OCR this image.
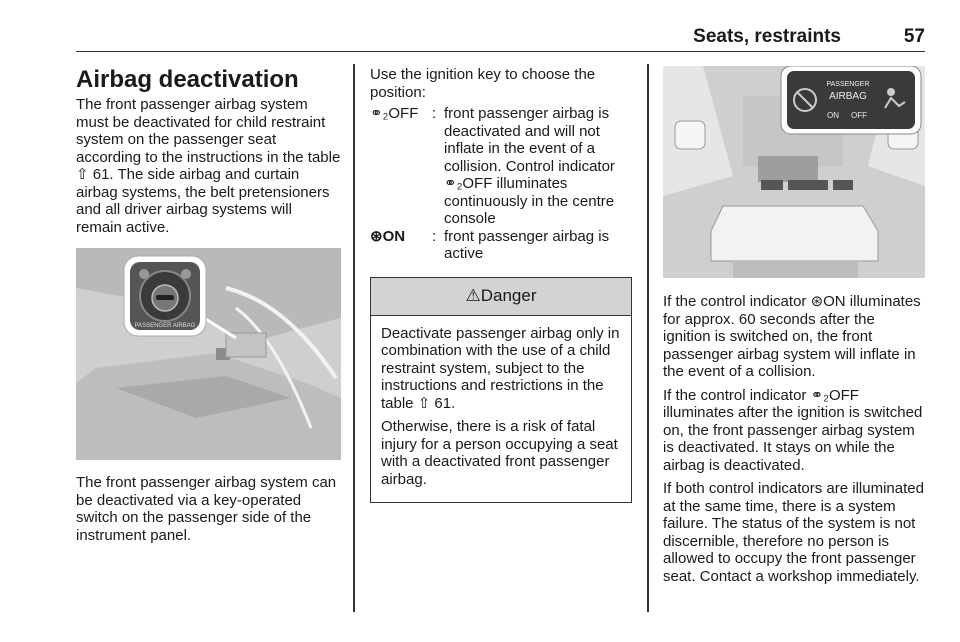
Seats, restraints	57
Airbag deactivation

The front passenger airbag system must be deactivated for child restraint system on the passenger seat according to the instructions in the table ⇧ 61. The side airbag and curtain airbag systems, the belt pretensioners and all driver airbag systems will remain active.

PASSENGER AIRBAG

The front passenger airbag system can be deactivated via a key-operated switch on the passenger side of the instrument panel.

Use the ignition key to choose the position:

⚭₂OFF : front passenger airbag is deactivated and will not inflate in the event of a collision. Control indicator ⚭₂OFF illuminates continuously in the centre console
⊛ON	: front passenger airbag is active
⚠Danger

Deactivate passenger airbag only in combination with the use of a child restraint system, subject to the instructions and restrictions in the table ⇧ 61.

Otherwise, there is a risk of fatal injury for a person occupying a seat with a deactivated front passenger airbag.

PASSENGER
AIRBAG
ON OFF

If the control indicator ⊛ON illuminates for approx. 60 seconds after the ignition is switched on, the front passenger airbag system will inflate in the event of a collision.

If the control indicator ⚭₂OFF illuminates after the ignition is switched on, the front passenger airbag system is deactivated. It stays on while the airbag is deactivated.

If both control indicators are illuminated at the same time, there is a system failure. The status of the system is not discernible, therefore no person is allowed to occupy the front passenger seat. Contact a workshop immediately.
